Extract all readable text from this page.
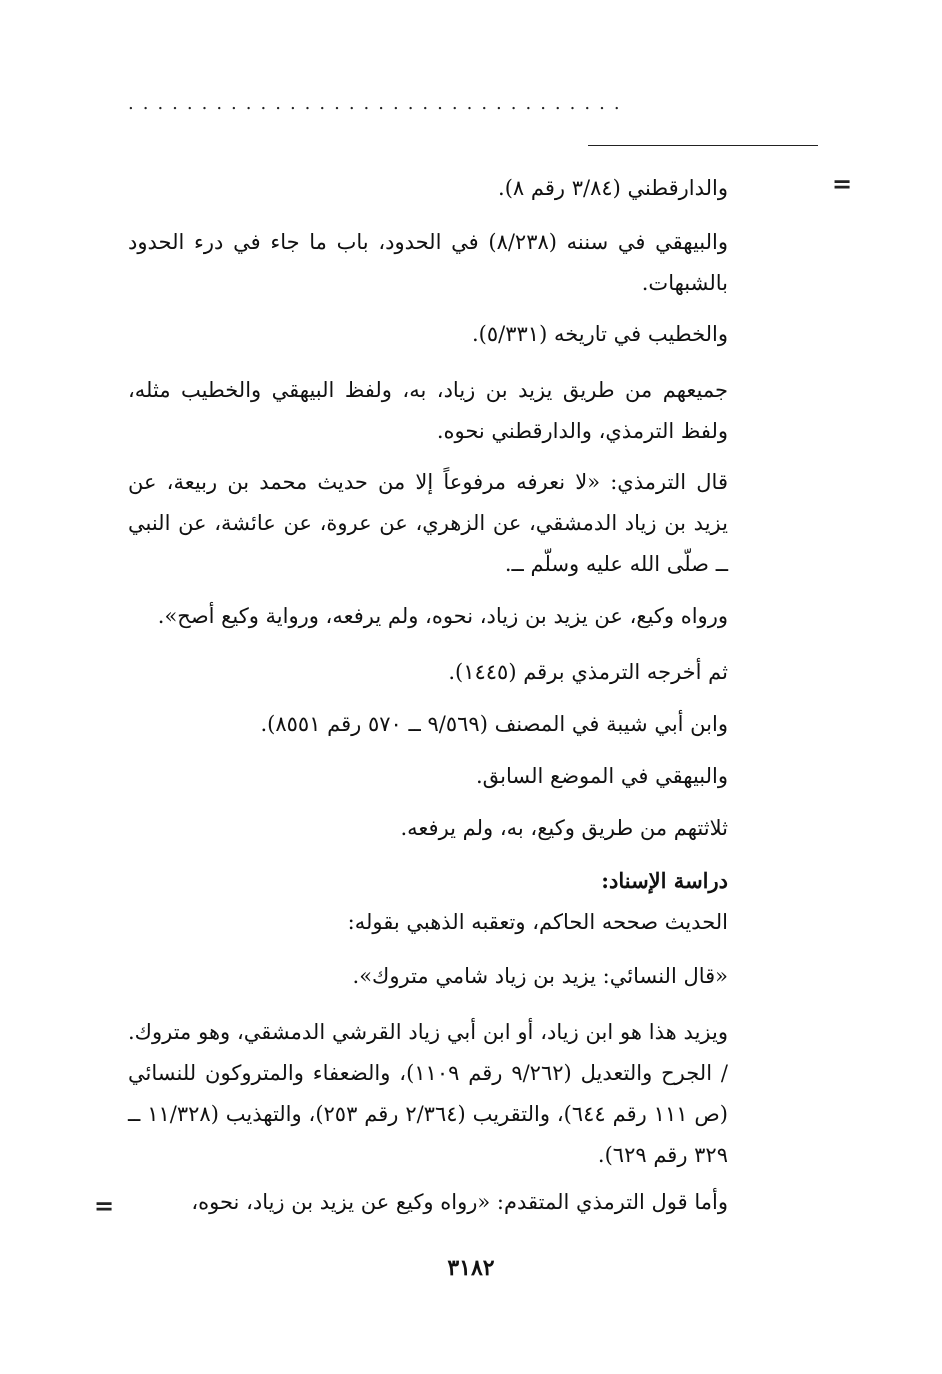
..................................
=
والدارقطني (٣/٨٤ رقم ٨).
والبيهقي في سننه (٨/٢٣٨) في الحدود، باب ما جاء في درء الحدود بالشبهات.
والخطيب في تاريخه (٥/٣٣١).
جميعهم من طريق يزيد بن زياد، به، ولفظ البيهقي والخطيب مثله، ولفظ الترمذي، والدارقطني نحوه.
قال الترمذي: «لا نعرفه مرفوعاً إلا من حديث محمد بن ربيعة، عن يزيد بن زياد الدمشقي، عن الزهري، عن عروة، عن عائشة، عن النبي ــ صلّى الله عليه وسلّم ــ.
ورواه وكيع، عن يزيد بن زياد، نحوه، ولم يرفعه، ورواية وكيع أصح».
ثم أخرجه الترمذي برقم (١٤٤٥).
وابن أبي شيبة في المصنف (٩/٥٦٩ ــ ٥٧٠ رقم ٨٥٥١).
والبيهقي في الموضع السابق.
ثلاثتهم من طريق وكيع، به، ولم يرفعه.
دراسة الإسناد:
الحديث صححه الحاكم، وتعقبه الذهبي بقوله:
«قال النسائي: يزيد بن زياد شامي متروك».
ويزيد هذا هو ابن زياد، أو ابن أبي زياد القرشي الدمشقي، وهو متروك. / الجرح والتعديل (٩/٢٦٢ رقم ١١٠٩)، والضعفاء والمتروكون للنسائي (ص ١١١ رقم ٦٤٤)، والتقريب (٢/٣٦٤ رقم ٢٥٣)، والتهذيب (١١/٣٢٨ ــ ٣٢٩ رقم ٦٢٩).
وأما قول الترمذي المتقدم: «رواه وكيع عن يزيد بن زياد، نحوه،
=
٣١٨٢
